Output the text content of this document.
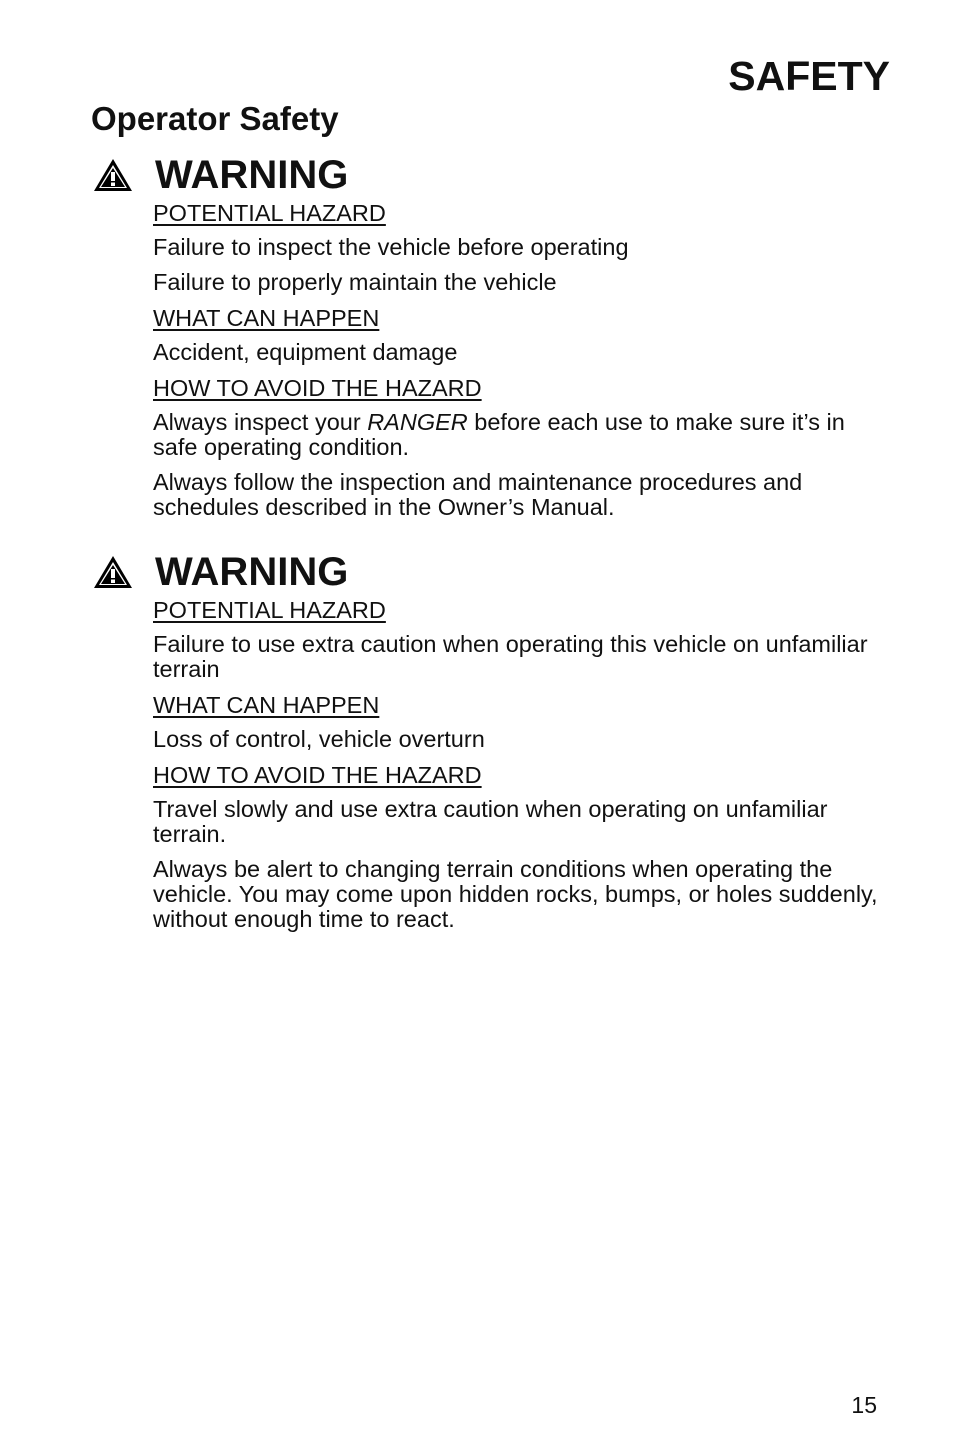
SAFETY
Operator Safety
WARNING

POTENTIAL HAZARD

Failure to inspect the vehicle before operating

Failure to properly maintain the vehicle

WHAT CAN HAPPEN

Accident, equipment damage

HOW TO AVOID THE HAZARD

Always inspect your RANGER before each use to make sure it’s in safe operating condition.

Always follow the inspection and maintenance procedures and schedules described in the Owner’s Manual.

WARNING

POTENTIAL HAZARD

Failure to use extra caution when operating this vehicle on unfamiliar terrain

WHAT CAN HAPPEN

Loss of control, vehicle overturn

HOW TO AVOID THE HAZARD

Travel slowly and use extra caution when operating on unfamiliar terrain.

Always be alert to changing terrain conditions when operating the vehicle. You may come upon hidden rocks, bumps, or holes suddenly, without enough time to react.

15
